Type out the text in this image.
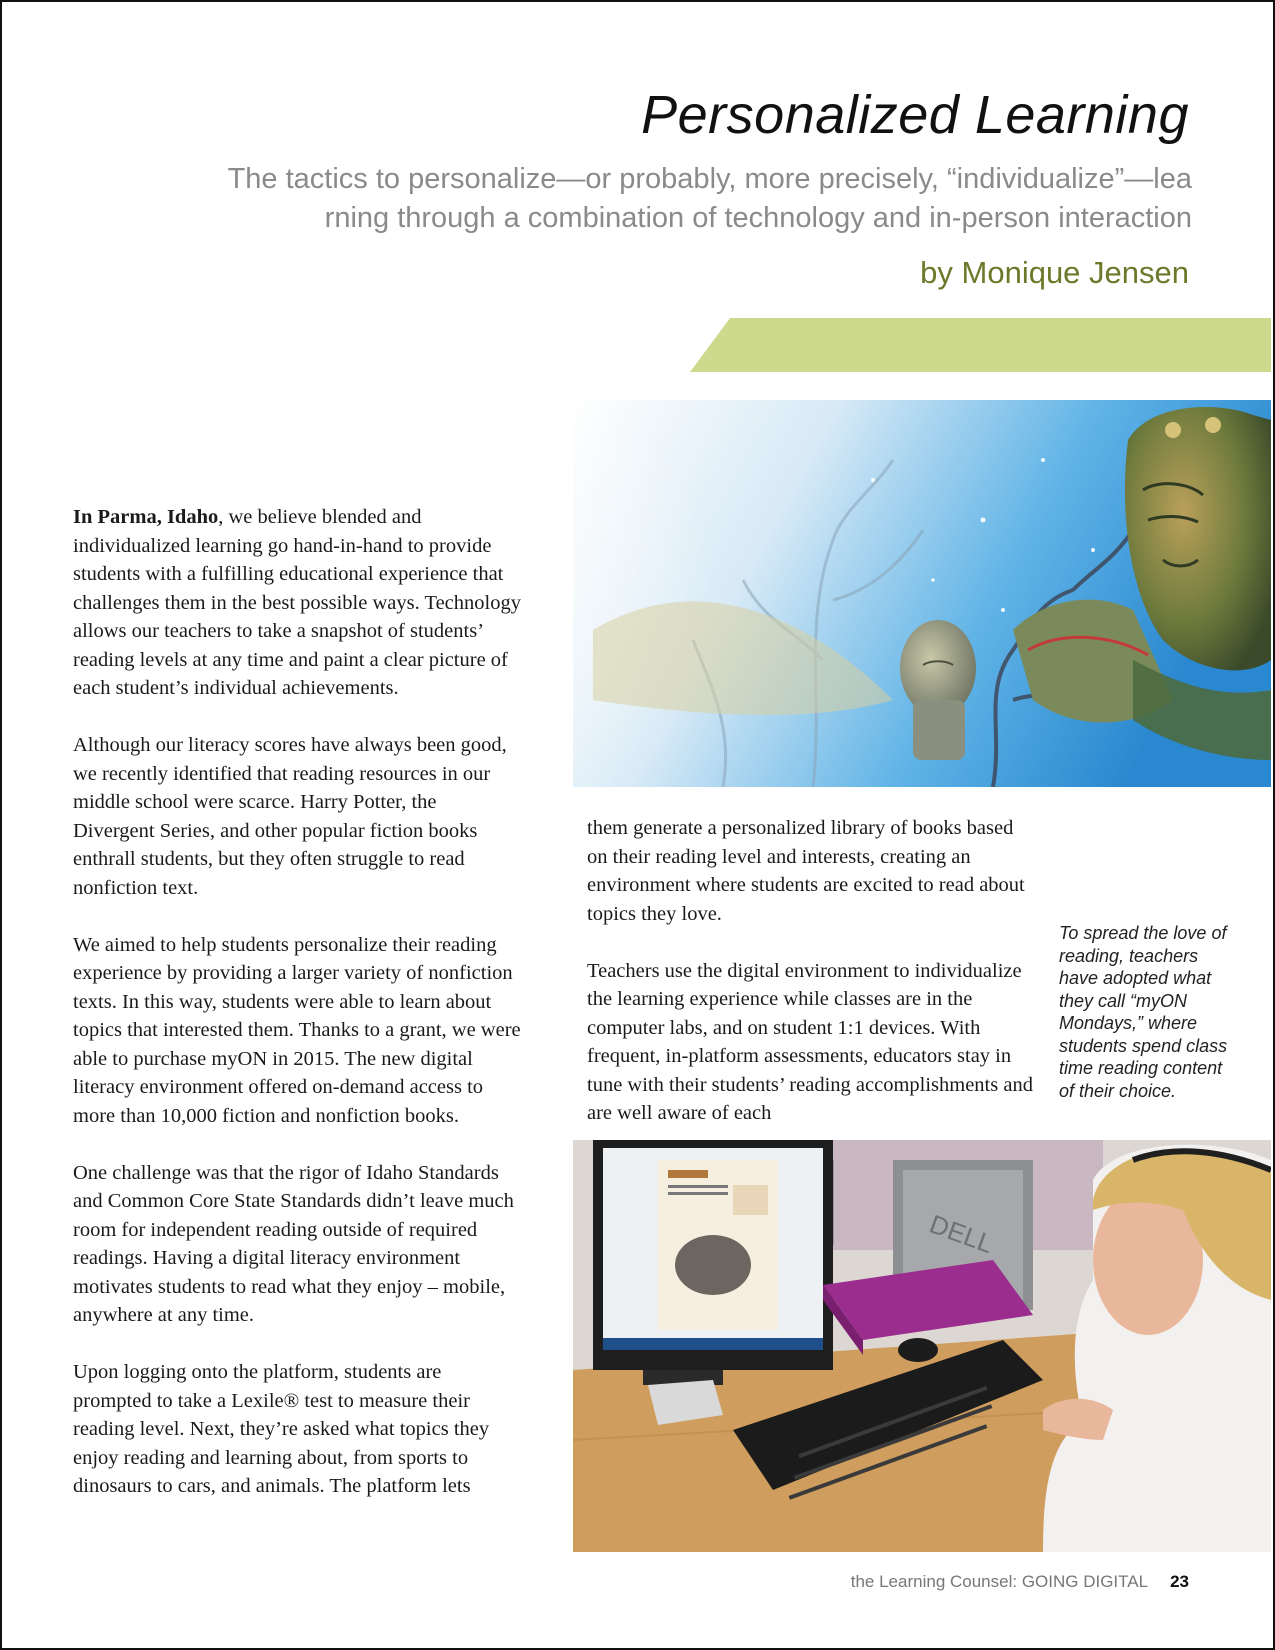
Personalized Learning
The tactics to personalize—or probably, more precisely, “individualize”—lea
rning through a combination of technology and in-person interaction
by Monique Jensen
DELL

In Parma, Idaho, we believe blended and individualized learning go hand-in-hand to provide students with a fulfilling educational experience that challenges them in the best possible ways. Technology allows our teachers to take a snapshot of students’ reading levels at any time and paint a clear picture of each student’s individual achievements.

Although our literacy scores have always been good, we recently identified that reading resources in our middle school were scarce. Harry Potter, the Divergent Series, and other popular fiction books enthrall students, but they often struggle to read nonfiction text.

We aimed to help students personalize their reading experience by providing a larger variety of nonfiction texts. In this way, students were able to learn about topics that interested them. Thanks to a grant, we were able to purchase myON in 2015. The new digital literacy environment offered on-demand access to more than 10,000 fiction and nonfiction books.

One challenge was that the rigor of Idaho Standards and Common Core State Standards didn’t leave much room for independent reading outside of required readings. Having a digital literacy environment motivates students to read what they enjoy – mobile, anywhere at any time.

Upon logging onto the platform, students are prompted to take a Lexile® test to measure their reading level. Next, they’re asked what topics they enjoy reading and learning about, from sports to dinosaurs to cars, and animals. The platform lets

them generate a personalized library of books based on their reading level and interests, creating an environment where students are excited to read about topics they love.

Teachers use the digital environment to individualize the learning experience while classes are in the computer labs, and on student 1:1 devices. With frequent, in-platform assessments, educators stay in tune with their students’ reading accomplishments and are well aware of each

To spread the love of reading, teachers have adopted what they call “myON Mondays,” where students spend class time reading content of their choice.
the Learning Counsel: GOING DIGITAL 23
